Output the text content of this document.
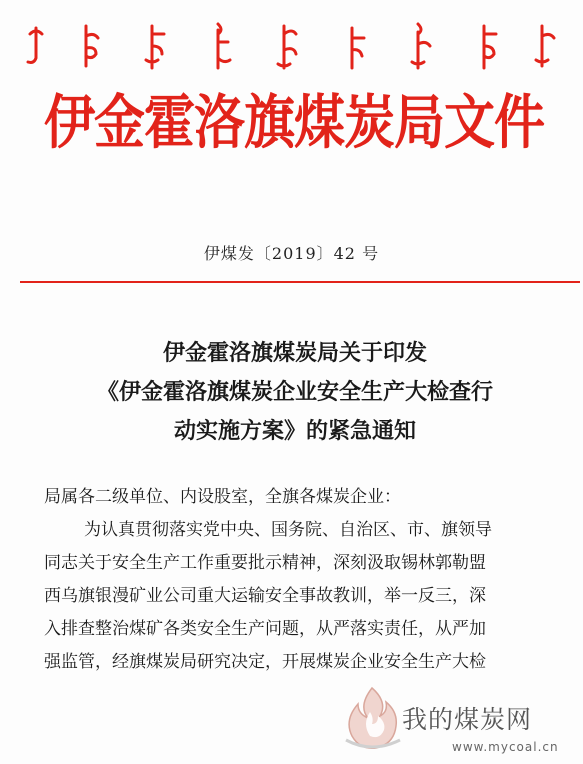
伊金霍洛旗煤炭局文件
伊煤发〔2019〕42 号
伊金霍洛旗煤炭局关于印发
《伊金霍洛旗煤炭企业安全生产大检查行
动实施方案》的紧急通知
局属各二级单位、内设股室，全旗各煤炭企业：
为认真贯彻落实党中央、国务院、自治区、市、旗领导
同志关于安全生产工作重要批示精神，深刻汲取锡林郭勒盟
西乌旗银漫矿业公司重大运输安全事故教训，举一反三，深
入排查整治煤矿各类安全生产问题，从严落实责任，从严加
强监管，经旗煤炭局研究决定，开展煤炭企业安全生产大检
我的煤炭网
www.mycoal.cn
